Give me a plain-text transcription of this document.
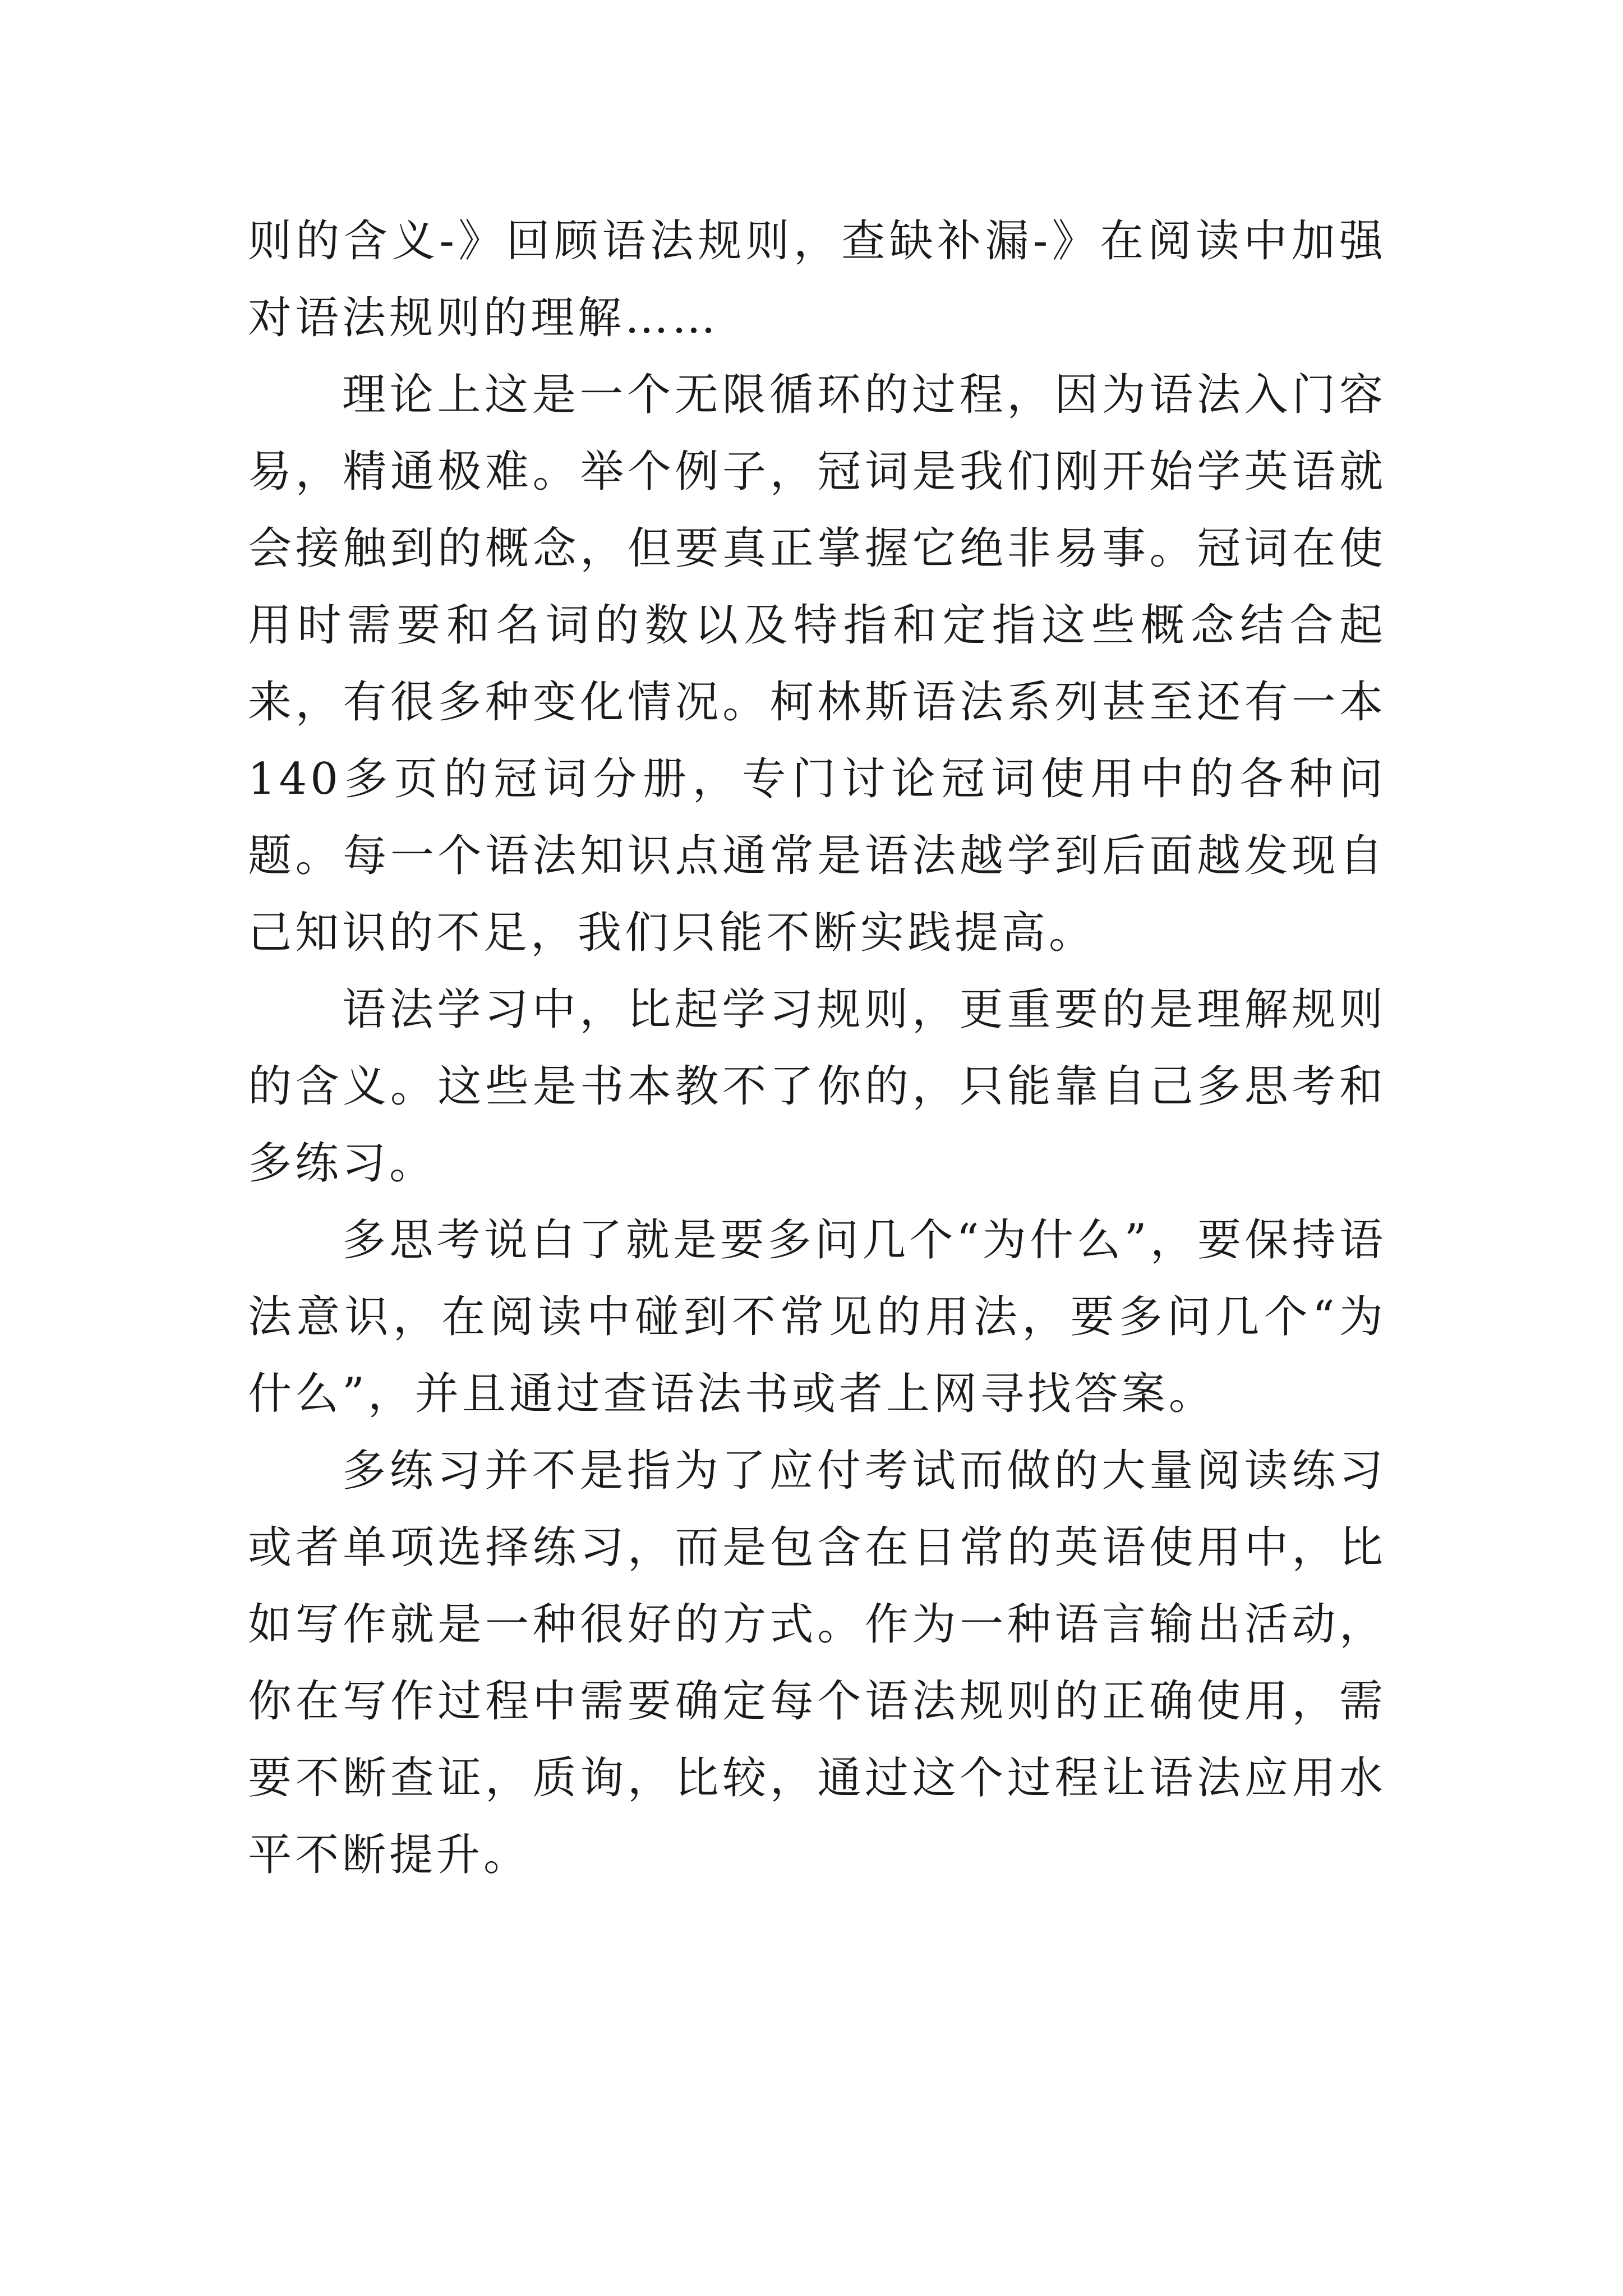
则的含义-》回顾语法规则，查缺补漏-》在阅读中加强对语法规则的理解……

理论上这是一个无限循环的过程，因为语法入门容易，精通极难。举个例子，冠词是我们刚开始学英语就会接触到的概念，但要真正掌握它绝非易事。冠词在使用时需要和名词的数以及特指和定指这些概念结合起来，有很多种变化情况。柯林斯语法系列甚至还有一本140多页的冠词分册，专门讨论冠词使用中的各种问题。每一个语法知识点通常是语法越学到后面越发现自己知识的不足，我们只能不断实践提高。

语法学习中，比起学习规则，更重要的是理解规则的含义。这些是书本教不了你的，只能靠自己多思考和多练习。

多思考说白了就是要多问几个“为什么”，要保持语法意识，在阅读中碰到不常见的用法，要多问几个“为什么”，并且通过查语法书或者上网寻找答案。

多练习并不是指为了应付考试而做的大量阅读练习或者单项选择练习，而是包含在日常的英语使用中，比如写作就是一种很好的方式。作为一种语言输出活动，你在写作过程中需要确定每个语法规则的正确使用，需要不断查证，质询，比较，通过这个过程让语法应用水平不断提升。
